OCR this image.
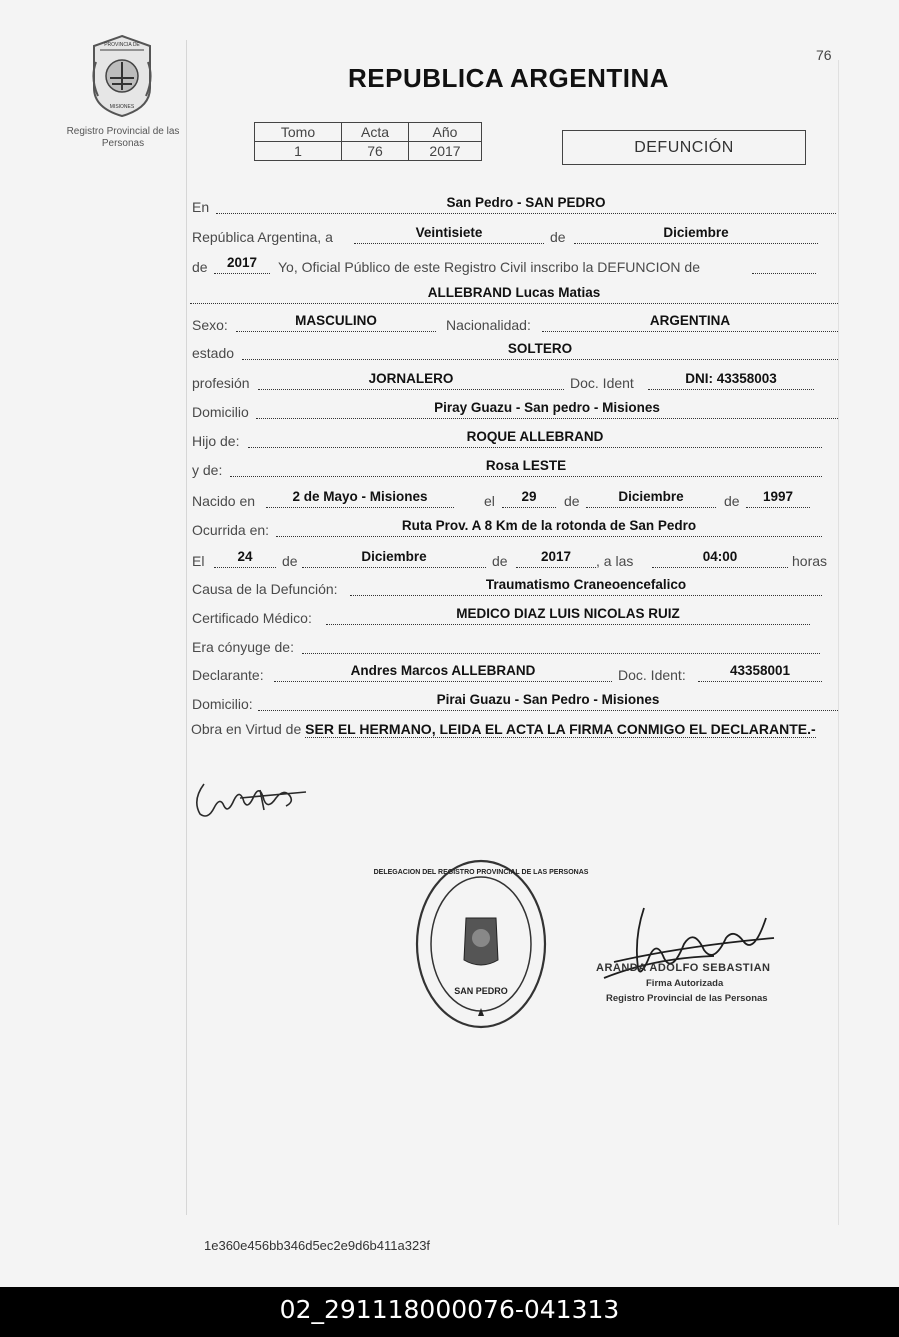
76
PROVINCIA DE
MISIONES
Registro Provincial de las Personas
REPUBLICA ARGENTINA
Tomo	Acta	Año
1	76	2017	DEFUNCIÓN
En	San Pedro - SAN PEDRO
República Argentina, a	Veintisiete	de	Diciembre
de	2017	Yo, Oficial Público de este Registro Civil inscribo la DEFUNCION de
ALLEBRAND Lucas Matias
Sexo:	MASCULINO	Nacionalidad:	ARGENTINA
estado	SOLTERO
profesión	JORNALERO	Doc. Ident	DNI: 43358003
Domicilio	Piray Guazu - San pedro - Misiones
Hijo de:	ROQUE ALLEBRAND
y de:	Rosa LESTE
Nacido en	2 de Mayo - Misiones	el	29	de	Diciembre	de	1997
Ocurrida en:	Ruta Prov. A 8 Km de la rotonda de San Pedro
El	24	de	Diciembre	de	2017	, a las	04:00	horas
Causa de la Defunción:	Traumatismo Craneoencefalico
Certificado Médico:	MEDICO DIAZ LUIS NICOLAS RUIZ
Era cónyuge de:
Declarante:	Andres Marcos ALLEBRAND	Doc. Ident:	43358001
Domicilio:	Pirai Guazu - San Pedro - Misiones
Obra en Virtud de SER EL HERMANO, LEIDA EL ACTA LA FIRMA CONMIGO EL DECLARANTE.-
DELEGACION DEL REGISTRO PROVINCIAL DE LAS PERSONAS
SAN PEDRO
ARANDA ADOLFO SEBASTIAN
Firma Autorizada
Registro Provincial de las Personas
1e360e456bb346d5ec2e9d6b411a323f
02_291118000076-041313
